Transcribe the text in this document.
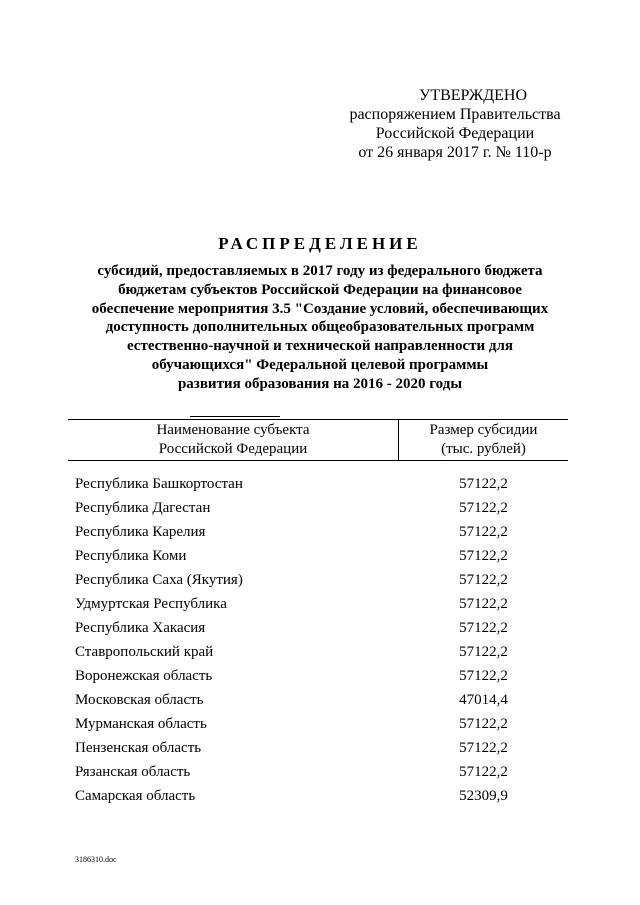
УТВЕРЖДЕНО
распоряжением Правительства
Российской Федерации
от 26 января 2017 г. № 110-р
РАСПРЕДЕЛЕНИЕ
субсидий, предоставляемых в 2017 году из федерального бюджета
бюджетам субъектов Российской Федерации на финансовое
обеспечение мероприятия 3.5 "Создание условий, обеспечивающих
доступность дополнительных общеобразовательных программ
естественно-научной и технической направленности для
обучающихся" Федеральной целевой программы
развития образования на 2016 - 2020 годы
Наименование субъекта
Российской Федерации
Размер субсидии
(тыс. рублей)
Республика Башкортостан	57122,2
Республика Дагестан	57122,2
Республика Карелия	57122,2
Республика Коми	57122,2
Республика Саха (Якутия)	57122,2
Удмуртская Республика	57122,2
Республика Хакасия	57122,2
Ставропольский край	57122,2
Воронежская область	57122,2
Московская область	47014,4
Мурманская область	57122,2
Пензенская область	57122,2
Рязанская область	57122,2
Самарская область	52309,9
3186310.doc
